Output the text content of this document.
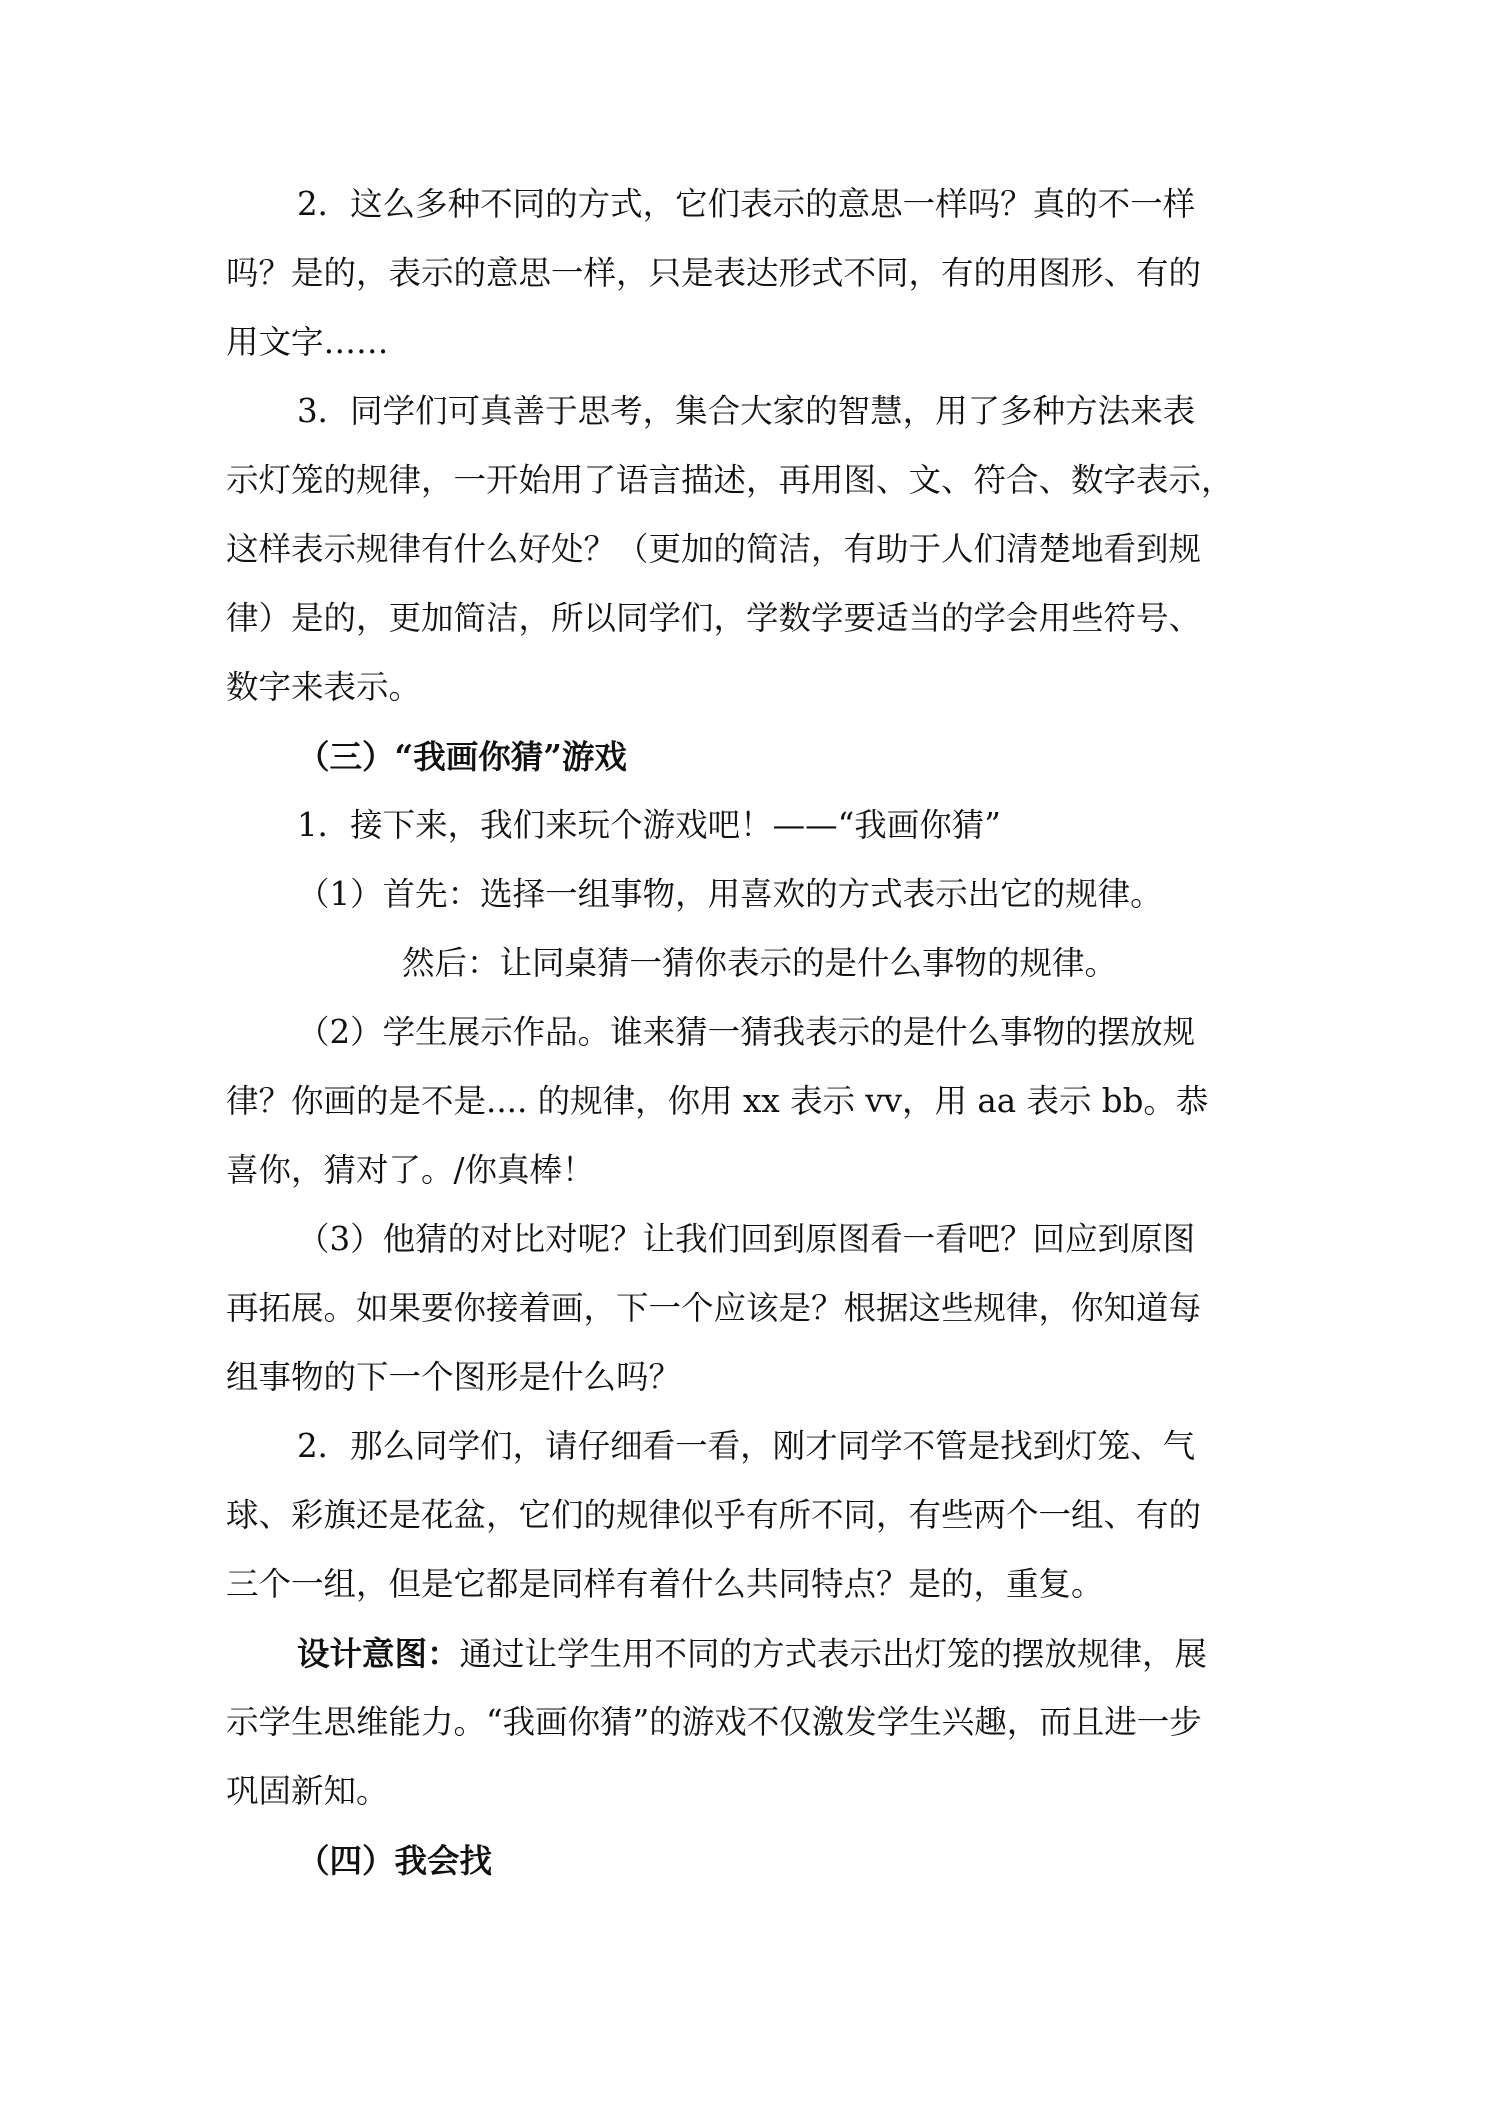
2．这么多种不同的方式，它们表示的意思一样吗？真的不一样
吗？是的，表示的意思一样，只是表达形式不同，有的用图形、有的
用文字……
3．同学们可真善于思考，集合大家的智慧，用了多种方法来表
示灯笼的规律，一开始用了语言描述，再用图、文、符合、数字表示，
这样表示规律有什么好处？（更加的简洁，有助于人们清楚地看到规
律）是的，更加简洁，所以同学们，学数学要适当的学会用些符号、
数字来表示。
（三）“我画你猜”游戏
1．接下来，我们来玩个游戏吧！——“我画你猜”
（1）首先：选择一组事物，用喜欢的方式表示出它的规律。
然后：让同桌猜一猜你表示的是什么事物的规律。
（2）学生展示作品。谁来猜一猜我表示的是什么事物的摆放规
律？你画的是不是.... 的规律，你用 xx 表示 vv，用 aa 表示 bb。恭
喜你，猜对了。/你真棒！
（3）他猜的对比对呢？让我们回到原图看一看吧？回应到原图
再拓展。如果要你接着画，下一个应该是？根据这些规律，你知道每
组事物的下一个图形是什么吗？
2．那么同学们，请仔细看一看，刚才同学不管是找到灯笼、气
球、彩旗还是花盆，它们的规律似乎有所不同，有些两个一组、有的
三个一组，但是它都是同样有着什么共同特点？是的，重复。
设计意图：通过让学生用不同的方式表示出灯笼的摆放规律，展
示学生思维能力。“我画你猜”的游戏不仅激发学生兴趣，而且进一步
巩固新知。
（四）我会找
